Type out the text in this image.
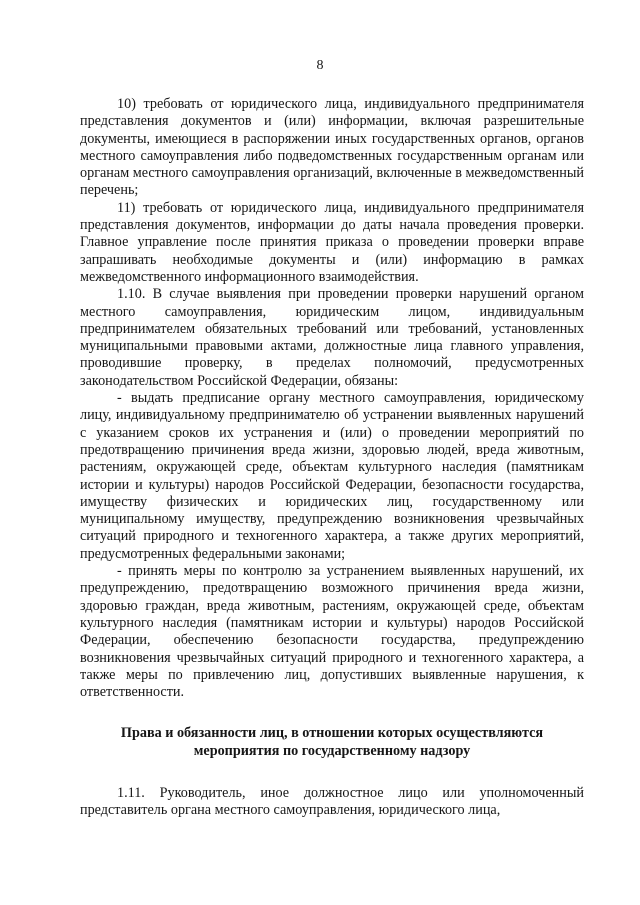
8

10) требовать от юридического лица, индивидуального предпринимателя представления документов и (или) информации, включая разрешительные документы, имеющиеся в распоряжении иных государственных органов, органов местного самоуправления либо подведомственных государственным органам или органам местного самоуправления организаций, включенные в межведомственный перечень;

11) требовать от юридического лица, индивидуального предпринимателя представления документов, информации до даты начала проведения проверки. Главное управление после принятия приказа о проведении проверки вправе запрашивать необходимые документы и (или) информацию в рамках межведомственного информационного взаимодействия.

1.10. В случае выявления при проведении проверки нарушений органом местного самоуправления, юридическим лицом, индивидуальным предпринимателем обязательных требований или требований, установленных муниципальными правовыми актами, должностные лица главного управления, проводившие проверку, в пределах полномочий, предусмотренных законодательством Российской Федерации, обязаны:

- выдать предписание органу местного самоуправления, юридическому лицу, индивидуальному предпринимателю об устранении выявленных нарушений с указанием сроков их устранения и (или) о проведении мероприятий по предотвращению причинения вреда жизни, здоровью людей, вреда животным, растениям, окружающей среде, объектам культурного наследия (памятникам истории и культуры) народов Российской Федерации, безопасности государства, имуществу физических и юридических лиц, государственному или муниципальному имуществу, предупреждению возникновения чрезвычайных ситуаций природного и техногенного характера, а также других мероприятий, предусмотренных федеральными законами;

- принять меры по контролю за устранением выявленных нарушений, их предупреждению, предотвращению возможного причинения вреда жизни, здоровью граждан, вреда животным, растениям, окружающей среде, объектам культурного наследия (памятникам истории и культуры) народов Российской Федерации, обеспечению безопасности государства, предупреждению возникновения чрезвычайных ситуаций природного и техногенного характера, а также меры по привлечению лиц, допустивших выявленные нарушения, к ответственности.

Права и обязанности лиц, в отношении которых осуществляются
мероприятия по государственному надзору

1.11. Руководитель, иное должностное лицо или уполномоченный представитель органа местного самоуправления, юридического лица,
